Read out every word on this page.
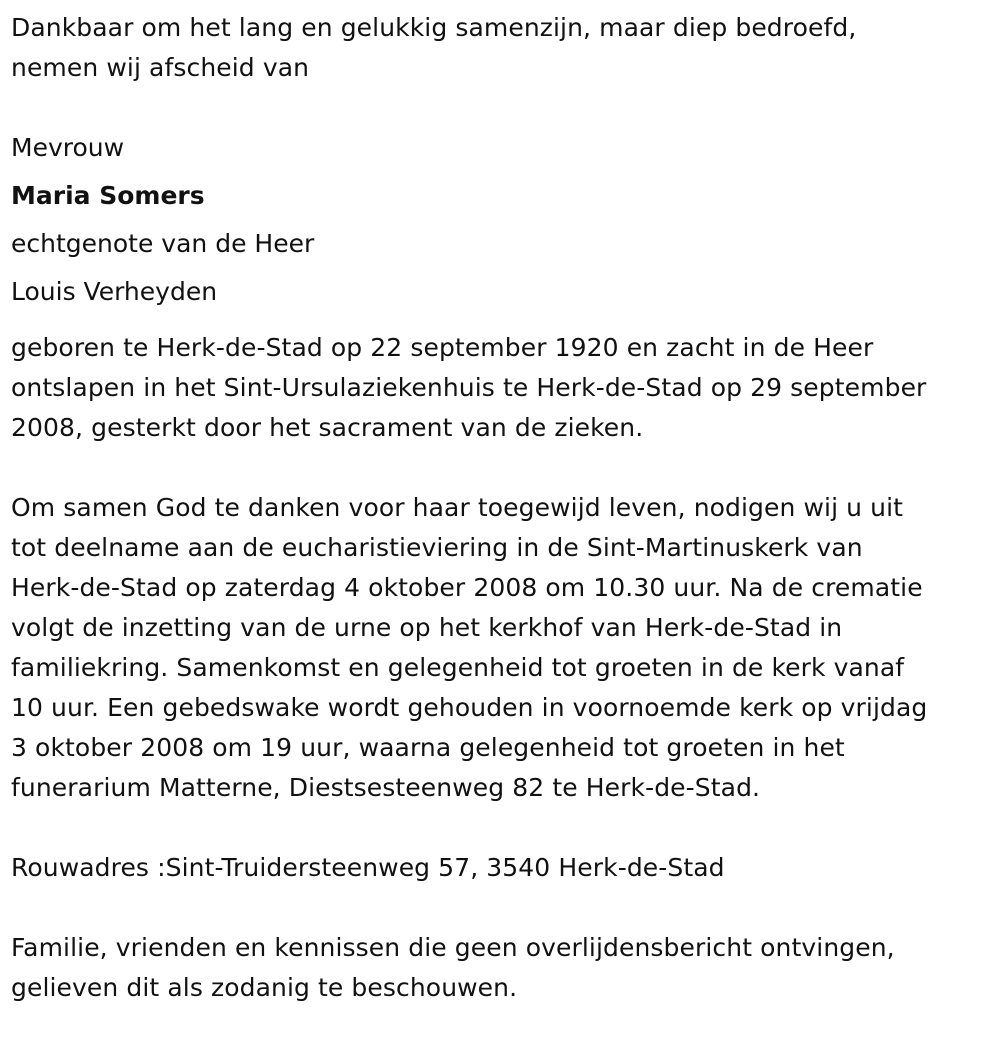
Dankbaar om het lang en gelukkig samenzijn, maar diep bedroefd,
nemen wij afscheid van

Mevrouw

Maria Somers

echtgenote van de Heer

Louis Verheyden

geboren te Herk-de-Stad op 22 september 1920 en zacht in de Heer
ontslapen in het Sint-Ursulaziekenhuis te Herk-de-Stad op 29 september
2008, gesterkt door het sacrament van de zieken.

Om samen God te danken voor haar toegewijd leven, nodigen wij u uit
tot deelname aan de eucharistieviering in de Sint-Martinuskerk van
Herk-de-Stad op zaterdag 4 oktober 2008 om 10.30 uur. Na de crematie
volgt de inzetting van de urne op het kerkhof van Herk-de-Stad in
familiekring. Samenkomst en gelegenheid tot groeten in de kerk vanaf
10 uur. Een gebedswake wordt gehouden in voornoemde kerk op vrijdag
3 oktober 2008 om 19 uur, waarna gelegenheid tot groeten in het
funerarium Matterne, Diestsesteenweg 82 te Herk-de-Stad.

Rouwadres :Sint-Truidersteenweg 57, 3540 Herk-de-Stad

Familie, vrienden en kennissen die geen overlijdensbericht ontvingen,
gelieven dit als zodanig te beschouwen.
